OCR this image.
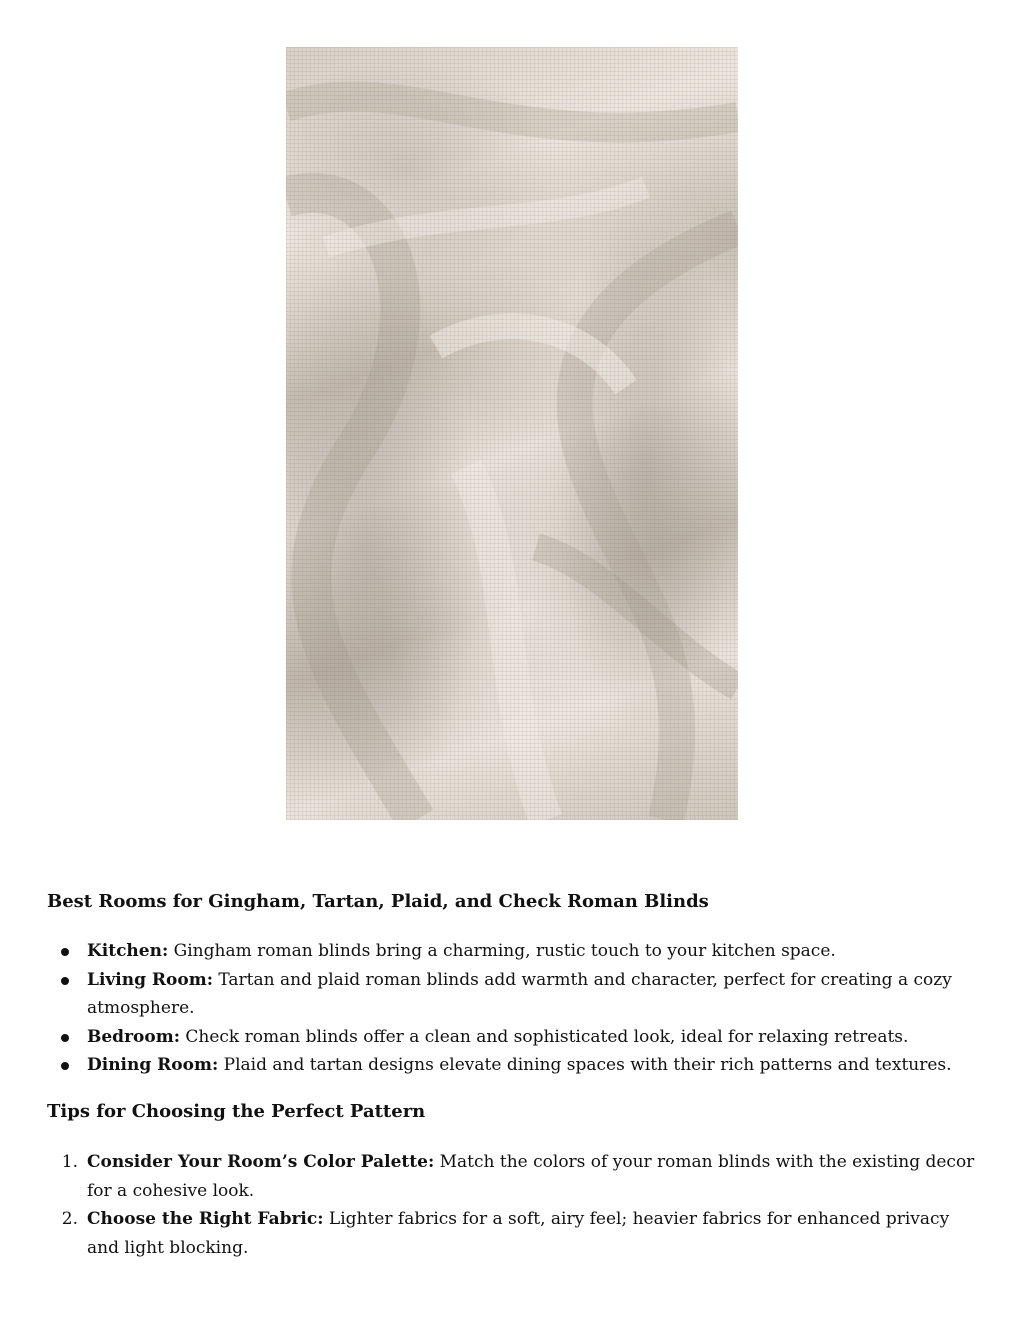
Best Rooms for Gingham, Tartan, Plaid, and Check Roman Blinds
Kitchen: Gingham roman blinds bring a charming, rustic touch to your kitchen space.
Living Room: Tartan and plaid roman blinds add warmth and character, perfect for creating a cozy atmosphere.
Bedroom: Check roman blinds offer a clean and sophisticated look, ideal for relaxing retreats.
Dining Room: Plaid and tartan designs elevate dining spaces with their rich patterns and textures.
Tips for Choosing the Perfect Pattern
1. Consider Your Room’s Color Palette: Match the colors of your roman blinds with the existing decor for a cohesive look.
2. Choose the Right Fabric: Lighter fabrics for a soft, airy feel; heavier fabrics for enhanced privacy and light blocking.
